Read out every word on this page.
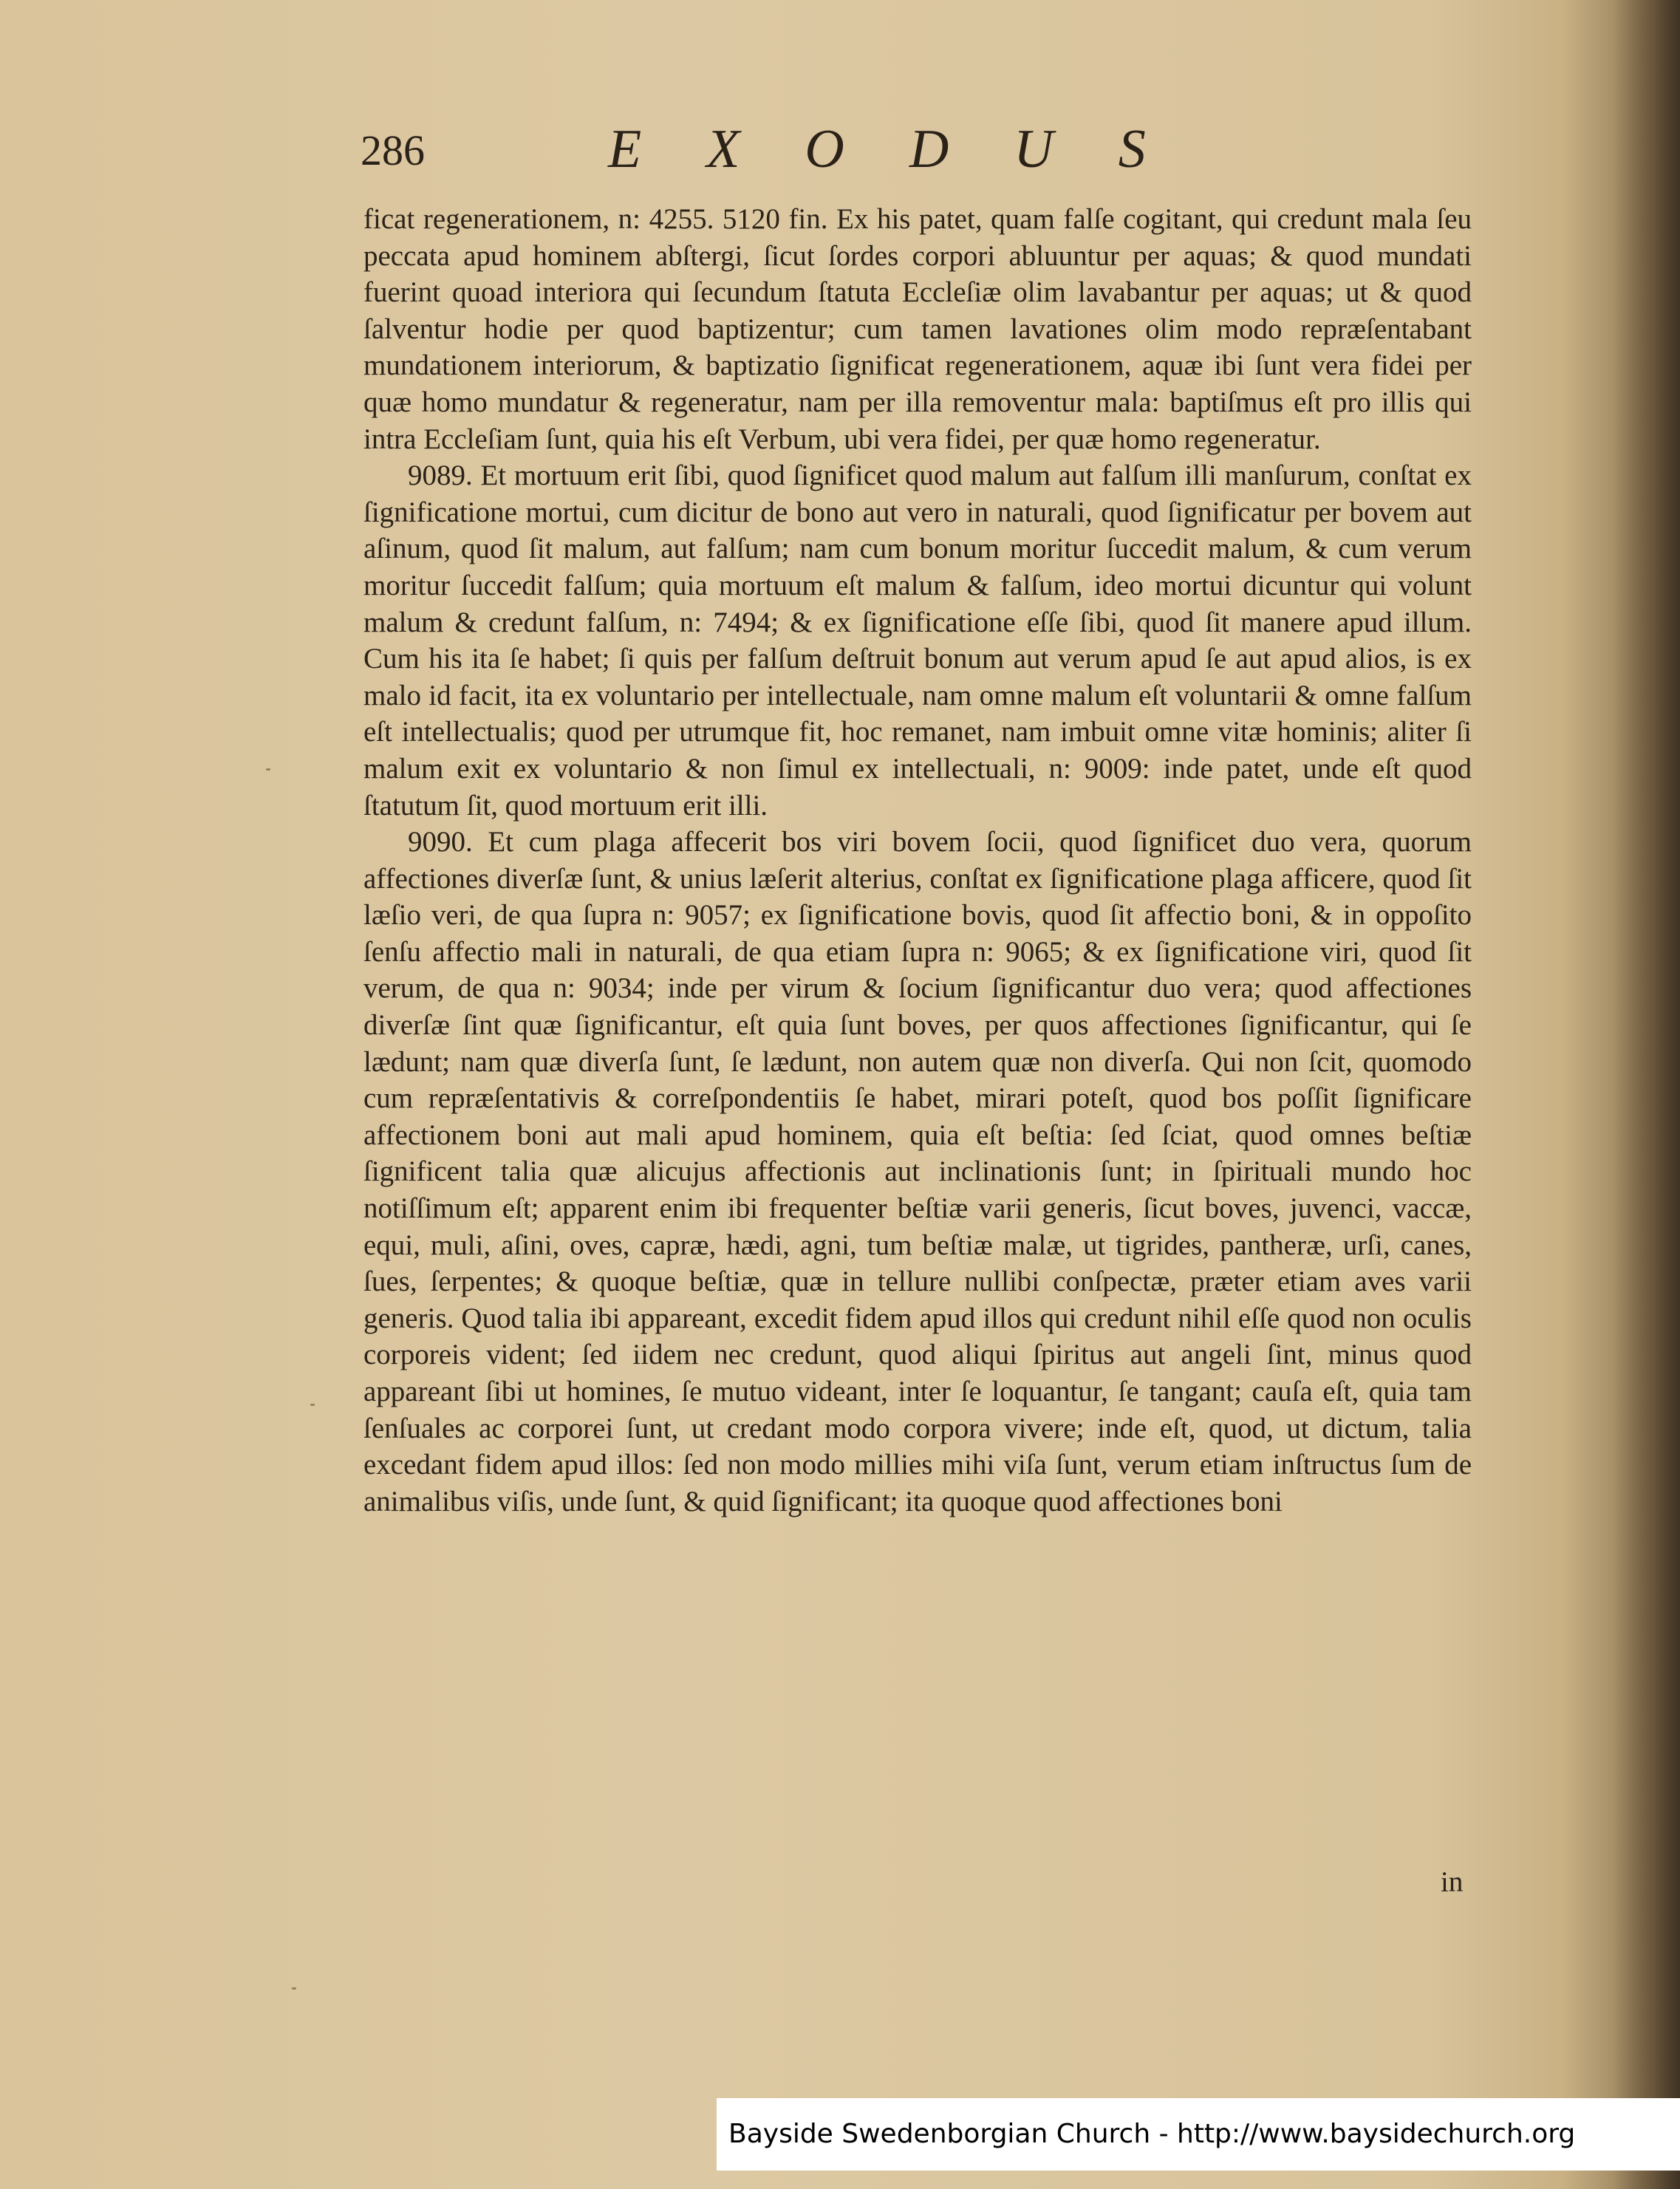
286	EXODUS

ficat regenerationem, n: 4255. 5120 fin. Ex his patet, quam falſe cogitant, qui credunt mala ſeu peccata apud hominem abſtergi, ſicut ſordes corpori abluuntur per aquas; & quod mundati fuerint quoad interiora qui ſecundum ſtatuta Eccleſiæ olim lavabantur per aquas; ut & quod ſalventur hodie per quod baptizentur; cum tamen lavationes olim modo repræſentabant mundationem interiorum, & baptizatio ſignificat regenerationem, aquæ ibi ſunt vera fidei per quæ homo mundatur & regeneratur, nam per illa removentur mala: baptiſmus eſt pro illis qui intra Eccleſiam ſunt, quia his eſt Verbum, ubi vera fidei, per quæ homo regeneratur.

9089. Et mortuum erit ſibi, quod ſignificet quod malum aut falſum illi manſurum, conſtat ex ſignificatione mortui, cum dicitur de bono aut vero in naturali, quod ſignificatur per bovem aut aſinum, quod ſit malum, aut falſum; nam cum bonum moritur ſuccedit malum, & cum verum moritur ſuccedit falſum; quia mortuum eſt malum & falſum, ideo mortui dicuntur qui volunt malum & credunt falſum, n: 7494; & ex ſignificatione eſſe ſibi, quod ſit manere apud illum. Cum his ita ſe habet; ſi quis per falſum deſtruit bonum aut verum apud ſe aut apud alios, is ex malo id facit, ita ex voluntario per intellectuale, nam omne malum eſt voluntarii & omne falſum eſt intellectualis; quod per utrumque fit, hoc remanet, nam imbuit omne vitæ hominis; aliter ſi malum exit ex voluntario & non ſimul ex intellectuali, n: 9009: inde patet, unde eſt quod ſtatutum ſit, quod mortuum erit illi.

9090. Et cum plaga affecerit bos viri bovem ſocii, quod ſignificet duo vera, quorum affectiones diverſæ ſunt, & unius læſerit alterius, conſtat ex ſignificatione plaga afficere, quod ſit læſio veri, de qua ſupra n: 9057; ex ſignificatione bovis, quod ſit affectio boni, & in oppoſito ſenſu affectio mali in naturali, de qua etiam ſupra n: 9065; & ex ſignificatione viri, quod ſit verum, de qua n: 9034; inde per virum & ſocium ſignificantur duo vera; quod affectiones diverſæ ſint quæ ſignificantur, eſt quia ſunt boves, per quos affectiones ſignificantur, qui ſe lædunt; nam quæ diverſa ſunt, ſe lædunt, non autem quæ non diverſa. Qui non ſcit, quomodo cum repræſentativis & correſpondentiis ſe habet, mirari poteſt, quod bos poſſit ſignificare affectionem boni aut mali apud hominem, quia eſt beſtia: ſed ſciat, quod omnes beſtiæ ſignificent talia quæ alicujus affectionis aut inclinationis ſunt; in ſpirituali mundo hoc notiſſimum eſt; apparent enim ibi frequenter beſtiæ varii generis, ſicut boves, juvenci, vaccæ, equi, muli, aſini, oves, capræ, hædi, agni, tum beſtiæ malæ, ut tigrides, pantheræ, urſi, canes, ſues, ſerpentes; & quoque beſtiæ, quæ in tellure nullibi conſpectæ, præter etiam aves varii generis. Quod talia ibi appareant, excedit fidem apud illos qui credunt nihil eſſe quod non oculis corporeis vident; ſed iidem nec credunt, quod aliqui ſpiritus aut angeli ſint, minus quod appareant ſibi ut homines, ſe mutuo videant, inter ſe loquantur, ſe tangant; cauſa eſt, quia tam ſenſuales ac corporei ſunt, ut credant modo corpora vivere; inde eſt, quod, ut dictum, talia excedant fidem apud illos: ſed non modo millies mihi viſa ſunt, verum etiam inſtructus ſum de animalibus viſis, unde ſunt, & quid ſignificant; ita quoque quod affectiones boni

in
Bayside Swedenborgian Church - http://www.baysidechurch.org
